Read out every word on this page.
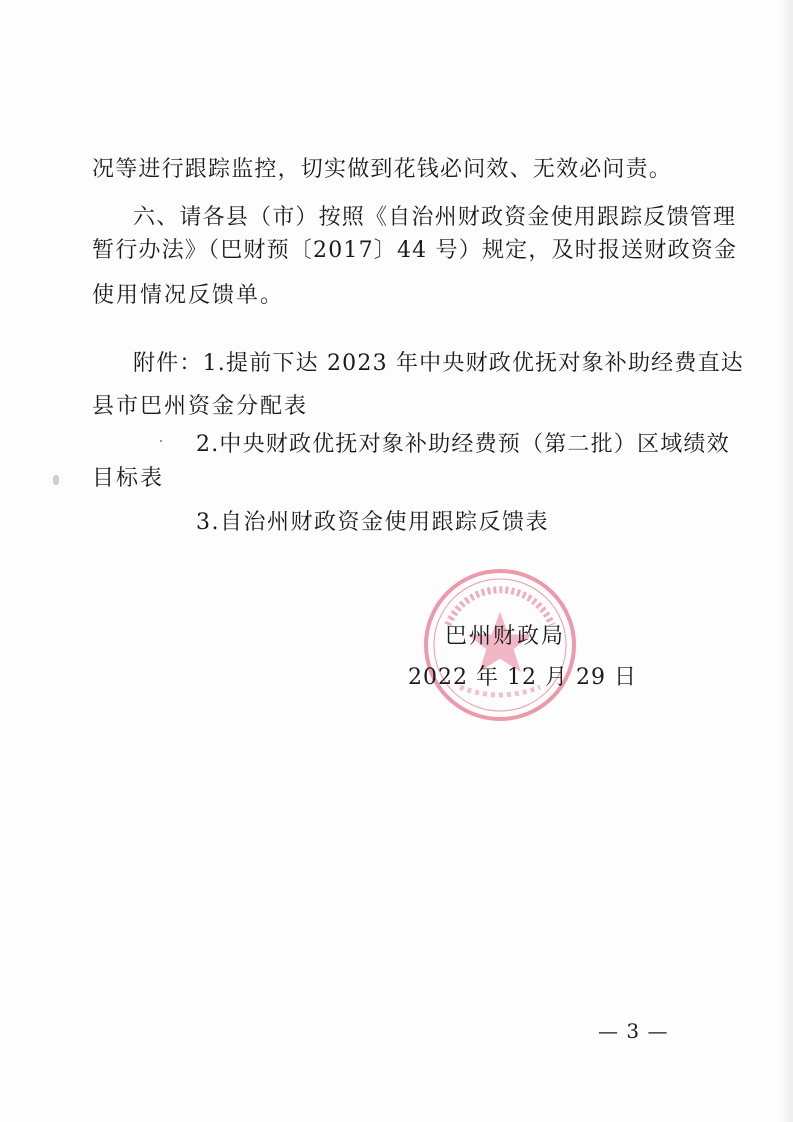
况等进行跟踪监控，切实做到花钱必问效、无效必问责。
六、请各县（市）按照《自治州财政资金使用跟踪反馈管理
暂行办法》（巴财预〔2017〕44 号）规定，及时报送财政资金
使用情况反馈单。
附件：1.提前下达 2023 年中央财政优抚对象补助经费直达
县市巴州资金分配表
2.中央财政优抚对象补助经费预（第二批）区域绩效
目标表
3.自治州财政资金使用跟踪反馈表
巴州财政局
2022 年 12 月 29 日
— 3 —
